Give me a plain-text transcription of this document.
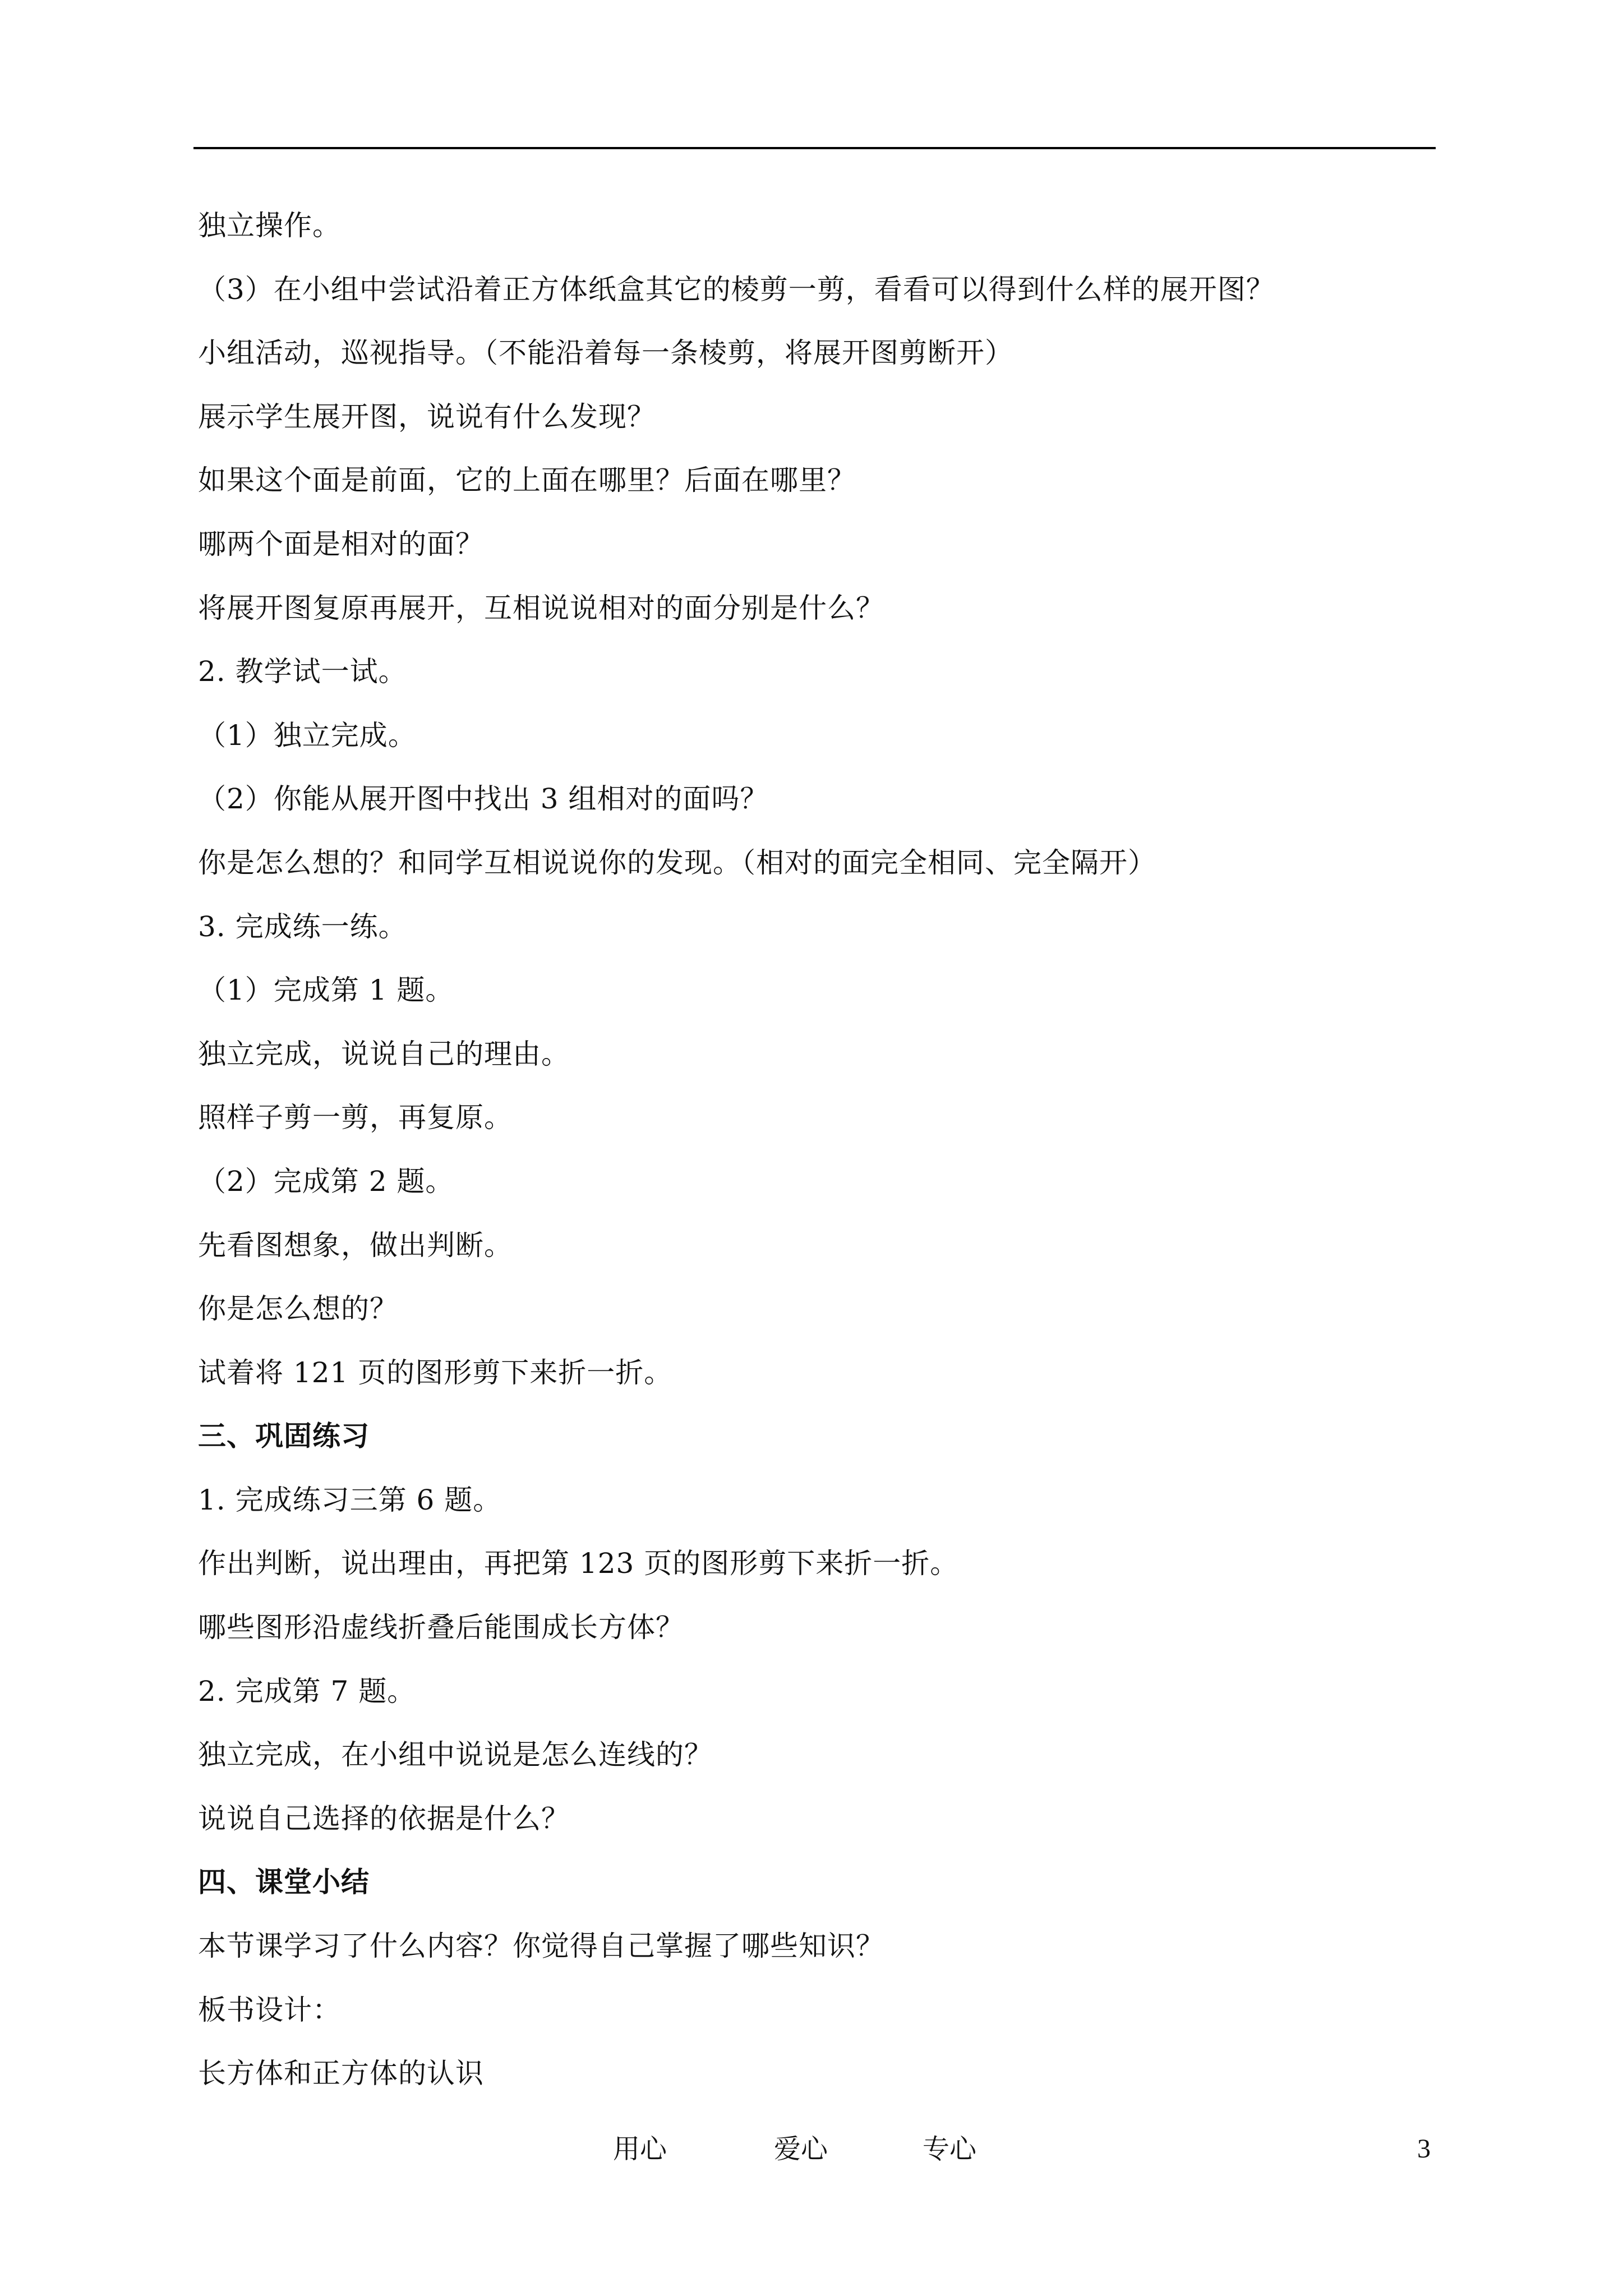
独立操作。
（3）在小组中尝试沿着正方体纸盒其它的棱剪一剪，看看可以得到什么样的展开图？
小组活动，巡视指导。（不能沿着每一条棱剪，将展开图剪断开）
展示学生展开图，说说有什么发现？
如果这个面是前面，它的上面在哪里？后面在哪里？
哪两个面是相对的面？
将展开图复原再展开，互相说说相对的面分别是什么？
2. 教学试一试。
（1）独立完成。
（2）你能从展开图中找出 3 组相对的面吗？
你是怎么想的？和同学互相说说你的发现。（相对的面完全相同、完全隔开）
3. 完成练一练。
（1）完成第 1 题。
独立完成，说说自己的理由。
照样子剪一剪，再复原。
（2）完成第 2 题。
先看图想象，做出判断。
你是怎么想的？
试着将 121 页的图形剪下来折一折。
三、巩固练习
1. 完成练习三第 6 题。
作出判断，说出理由，再把第 123 页的图形剪下来折一折。
哪些图形沿虚线折叠后能围成长方体？
2. 完成第 7 题。
独立完成，在小组中说说是怎么连线的？
说说自己选择的依据是什么？
四、课堂小结
本节课学习了什么内容？你觉得自己掌握了哪些知识？
板书设计：
长方体和正方体的认识
用心	爱心	专心	3
